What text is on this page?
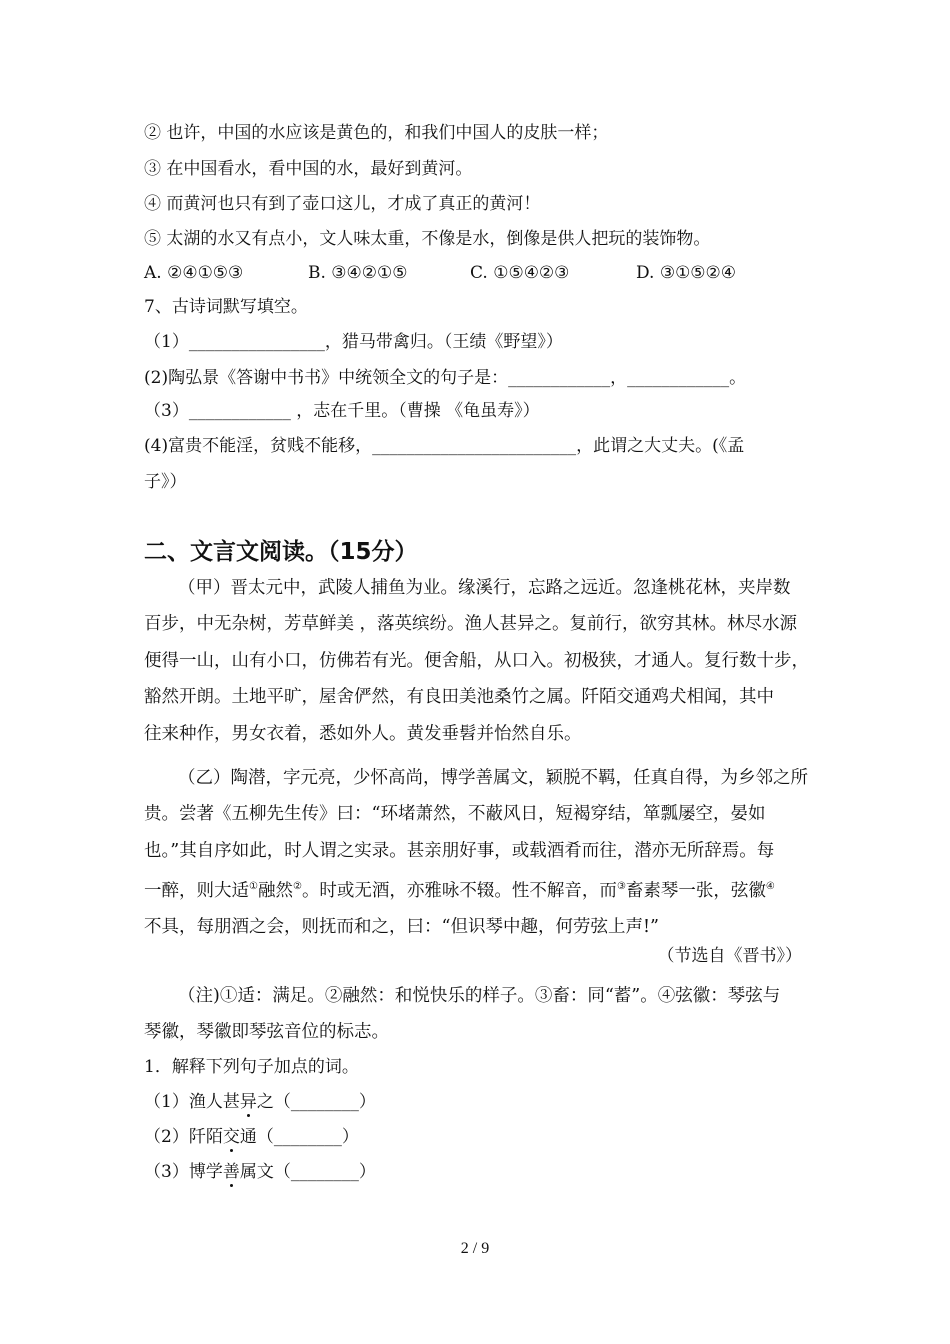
② 也许，中国的水应该是黄色的，和我们中国人的皮肤一样；
③ 在中国看水，看中国的水，最好到黄河。
④ 而黄河也只有到了壶口这儿，才成了真正的黄河！
⑤ 太湖的水又有点小，文人味太重，不像是水，倒像是供人把玩的装饰物。
A. ②④①⑤③	B. ③④②①⑤	C. ①⑤④②③	D. ③①⑤②④
7、古诗词默写填空。
（1）________________，猎马带禽归。（王绩《野望》）
(2)陶弘景《答谢中书书》中统领全文的句子是：____________，____________。
（3）____________ ，志在千里。（曹操 《龟虽寿》）
(4)富贵不能淫，贫贱不能移，________________________，此谓之大丈夫。(《孟
子》）
二、文言文阅读。（15分）
（甲）晋太元中，武陵人捕鱼为业。缘溪行，忘路之远近。忽逢桃花林，夹岸数
百步，中无杂树，芳草鲜美 ，落英缤纷。渔人甚异之。复前行，欲穷其林。林尽水源
便得一山，山有小口，仿佛若有光。便舍船，从口入。初极狭，才通人。复行数十步，
豁然开朗。土地平旷，屋舍俨然，有良田美池桑竹之属。阡陌交通鸡犬相闻，其中
往来种作，男女衣着，悉如外人。黄发垂髫并怡然自乐。
（乙）陶潜，字元亮，少怀高尚，博学善属文，颖脱不羁，任真自得，为乡邻之所
贵。尝著《五柳先生传》曰：“环堵萧然，不蔽风日，短褐穿结，箪瓢屡空，晏如
也。”其自序如此，时人谓之实录。甚亲朋好事，或载酒肴而往，潜亦无所辞焉。每
一醉，则大适①融然②。时或无酒，亦雅咏不辍。性不解音，而③畜素琴一张，弦徽④
不具，每朋酒之会，则抚而和之，曰：“但识琴中趣，何劳弦上声!”
（节选自《晋书》）
（注)①适：满足。②融然：和悦快乐的样子。③畜：同“蓄”。④弦徽：琴弦与
琴徽，琴徽即琴弦音位的标志。
1．解释下列句子加点的词。
（1）渔人甚异之（________）
（2）阡陌交通（________）
（3）博学善属文（________）
2 / 9
